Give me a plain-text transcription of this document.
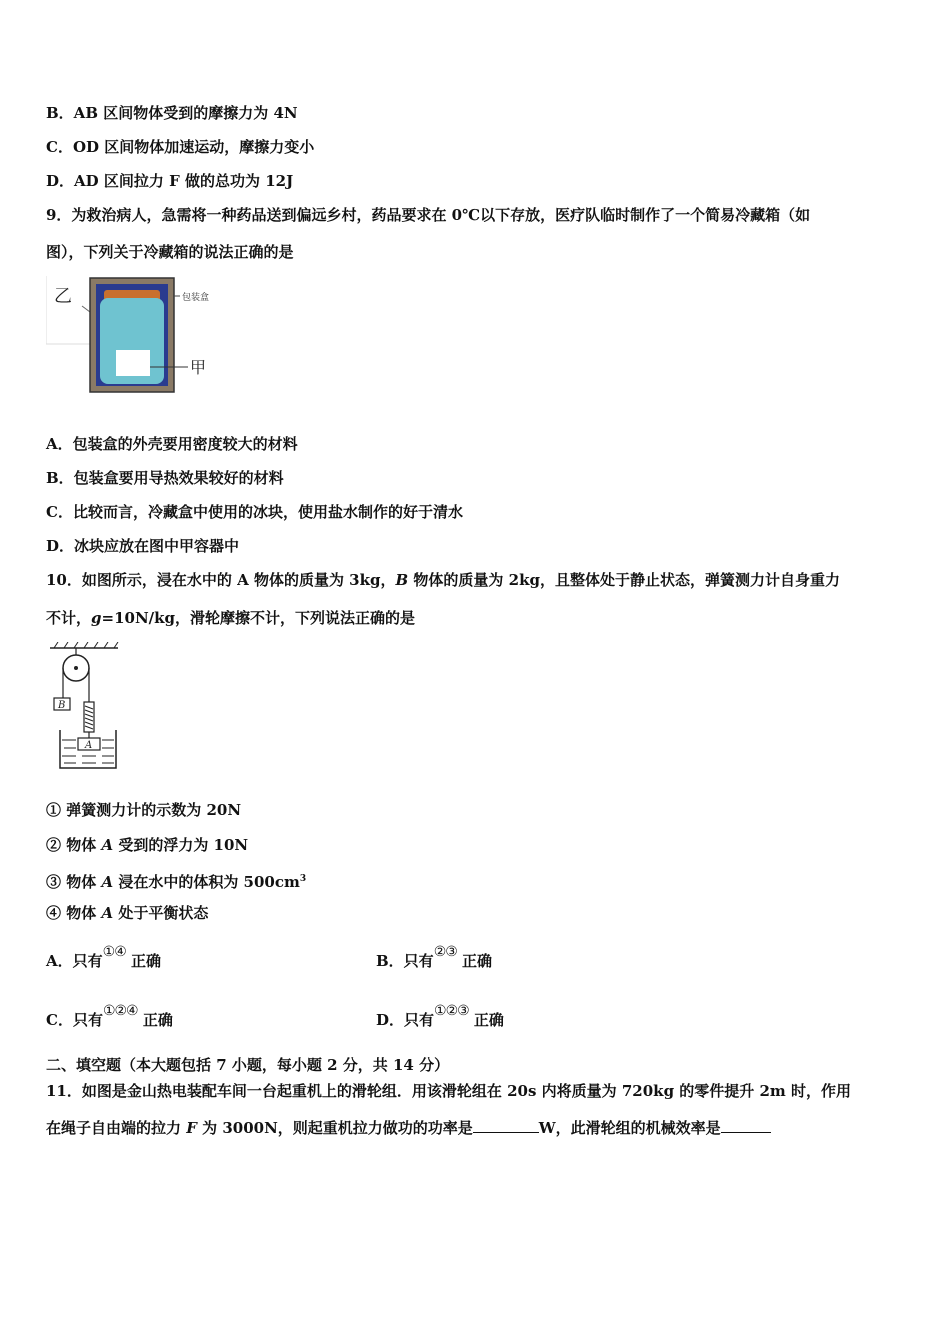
B．AB 区间物体受到的摩擦力为 4N
C．OD 区间物体加速运动，摩擦力变小
D．AD 区间拉力 F 做的总功为 12J
9．为救治病人，急需将一种药品送到偏远乡村，药品要求在 0℃以下存放，医疗队临时制作了一个简易冷藏箱（如
图），下列关于冷藏箱的说法正确的是
乙	包装盒
甲
A．包装盒的外壳要用密度较大的材料
B．包装盒要用导热效果较好的材料
C．比较而言，冷藏盒中使用的冰块，使用盐水制作的好于清水
D．冰块应放在图中甲容器中
10．如图所示，浸在水中的 A 物体的质量为 3kg，B 物体的质量为 2kg，且整体处于静止状态，弹簧测力计自身重力
不计，g=10N/kg，滑轮摩擦不计，下列说法正确的是
B
A
① 弹簧测力计的示数为 20N
② 物体 A 受到的浮力为 10N
③ 物体 A 浸在水中的体积为 $500cm^3$
④ 物体 A 处于平衡状态
A．只有①④ 正确	B．只有②③ 正确
C．只有①②④ 正确	D．只有①②③ 正确
二、填空题（本大题包括 7 小题，每小题 2 分，共 14 分）
11．如图是金山热电装配车间一台起重机上的滑轮组．用该滑轮组在 20s 内将质量为 720kg 的零件提升 2m 时，作用
在绳子自由端的拉力 F 为 3000N，则起重机拉力做功的功率是	W，此滑轮组的机械效率是
